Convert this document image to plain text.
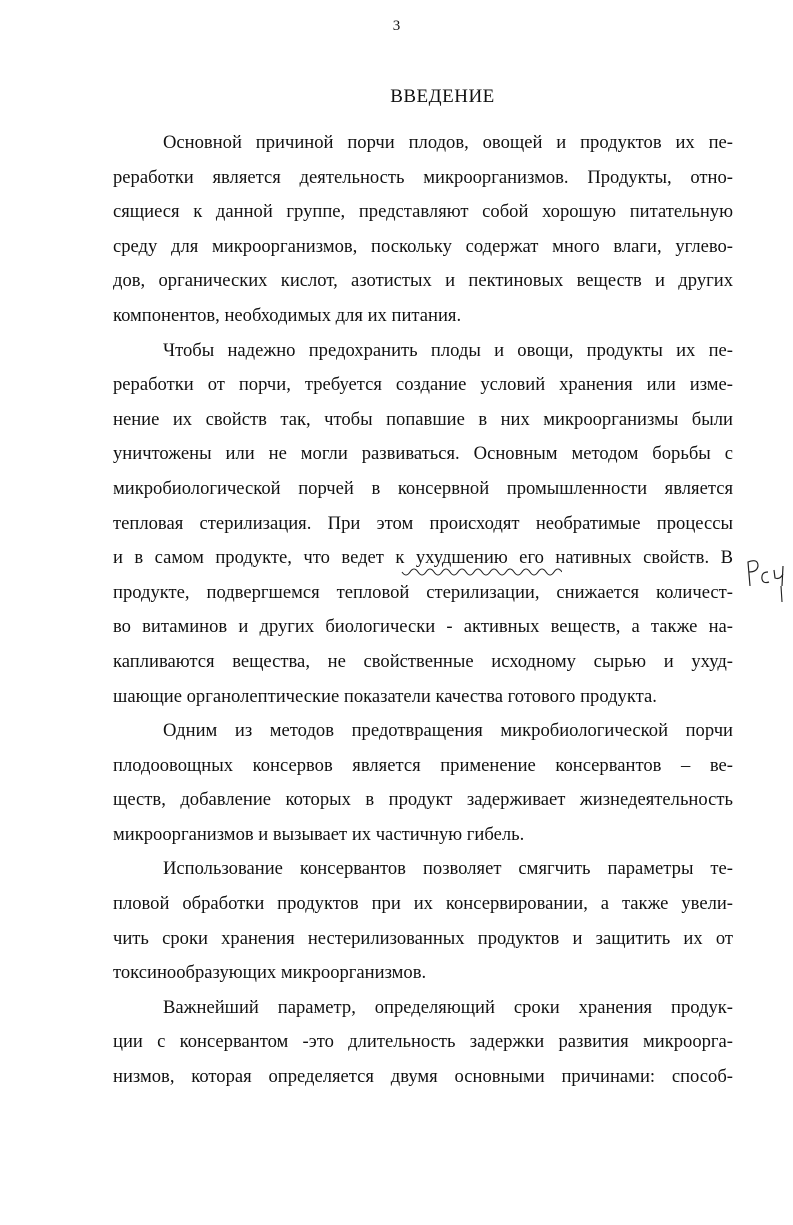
3
ВВЕДЕНИЕ
Основной причиной порчи плодов, овощей и продуктов их пе-
реработки является деятельность микроорганизмов. Продукты, отно-
сящиеся к данной группе, представляют собой хорошую питательную
среду для микроорганизмов, поскольку содержат много влаги, углево-
дов, органических кислот, азотистых и пектиновых веществ и других
компонентов, необходимых для их питания.
Чтобы надежно предохранить плоды и овощи, продукты их пе-
реработки от порчи, требуется создание условий хранения или изме-
нение их свойств так, чтобы попавшие в них микроорганизмы были
уничтожены или не могли развиваться. Основным методом борьбы с
микробиологической порчей в консервной промышленности является
тепловая стерилизация. При этом происходят необратимые процессы
и в самом продукте, что ведет к ухудшению его нативных свойств. В
продукте, подвергшемся тепловой стерилизации, снижается количест-
во витаминов и других биологически - активных веществ, а также на-
капливаются вещества, не свойственные исходному сырью и ухуд-
шающие органолептические показатели качества готового продукта.
Одним из методов предотвращения микробиологической порчи
плодоовощных консервов является применение консервантов – ве-
ществ, добавление которых в продукт задерживает жизнедеятельность
микроорганизмов и вызывает их частичную гибель.
Использование консервантов позволяет смягчить параметры те-
пловой обработки продуктов при их консервировании, а также увели-
чить сроки хранения нестерилизованных продуктов и защитить их от
токсинообразующих микроорганизмов.
Важнейший параметр, определяющий сроки хранения продук-
ции с консервантом -это длительность задержки развития микроорга-
низмов, которая определяется двумя основными причинами: способ-
